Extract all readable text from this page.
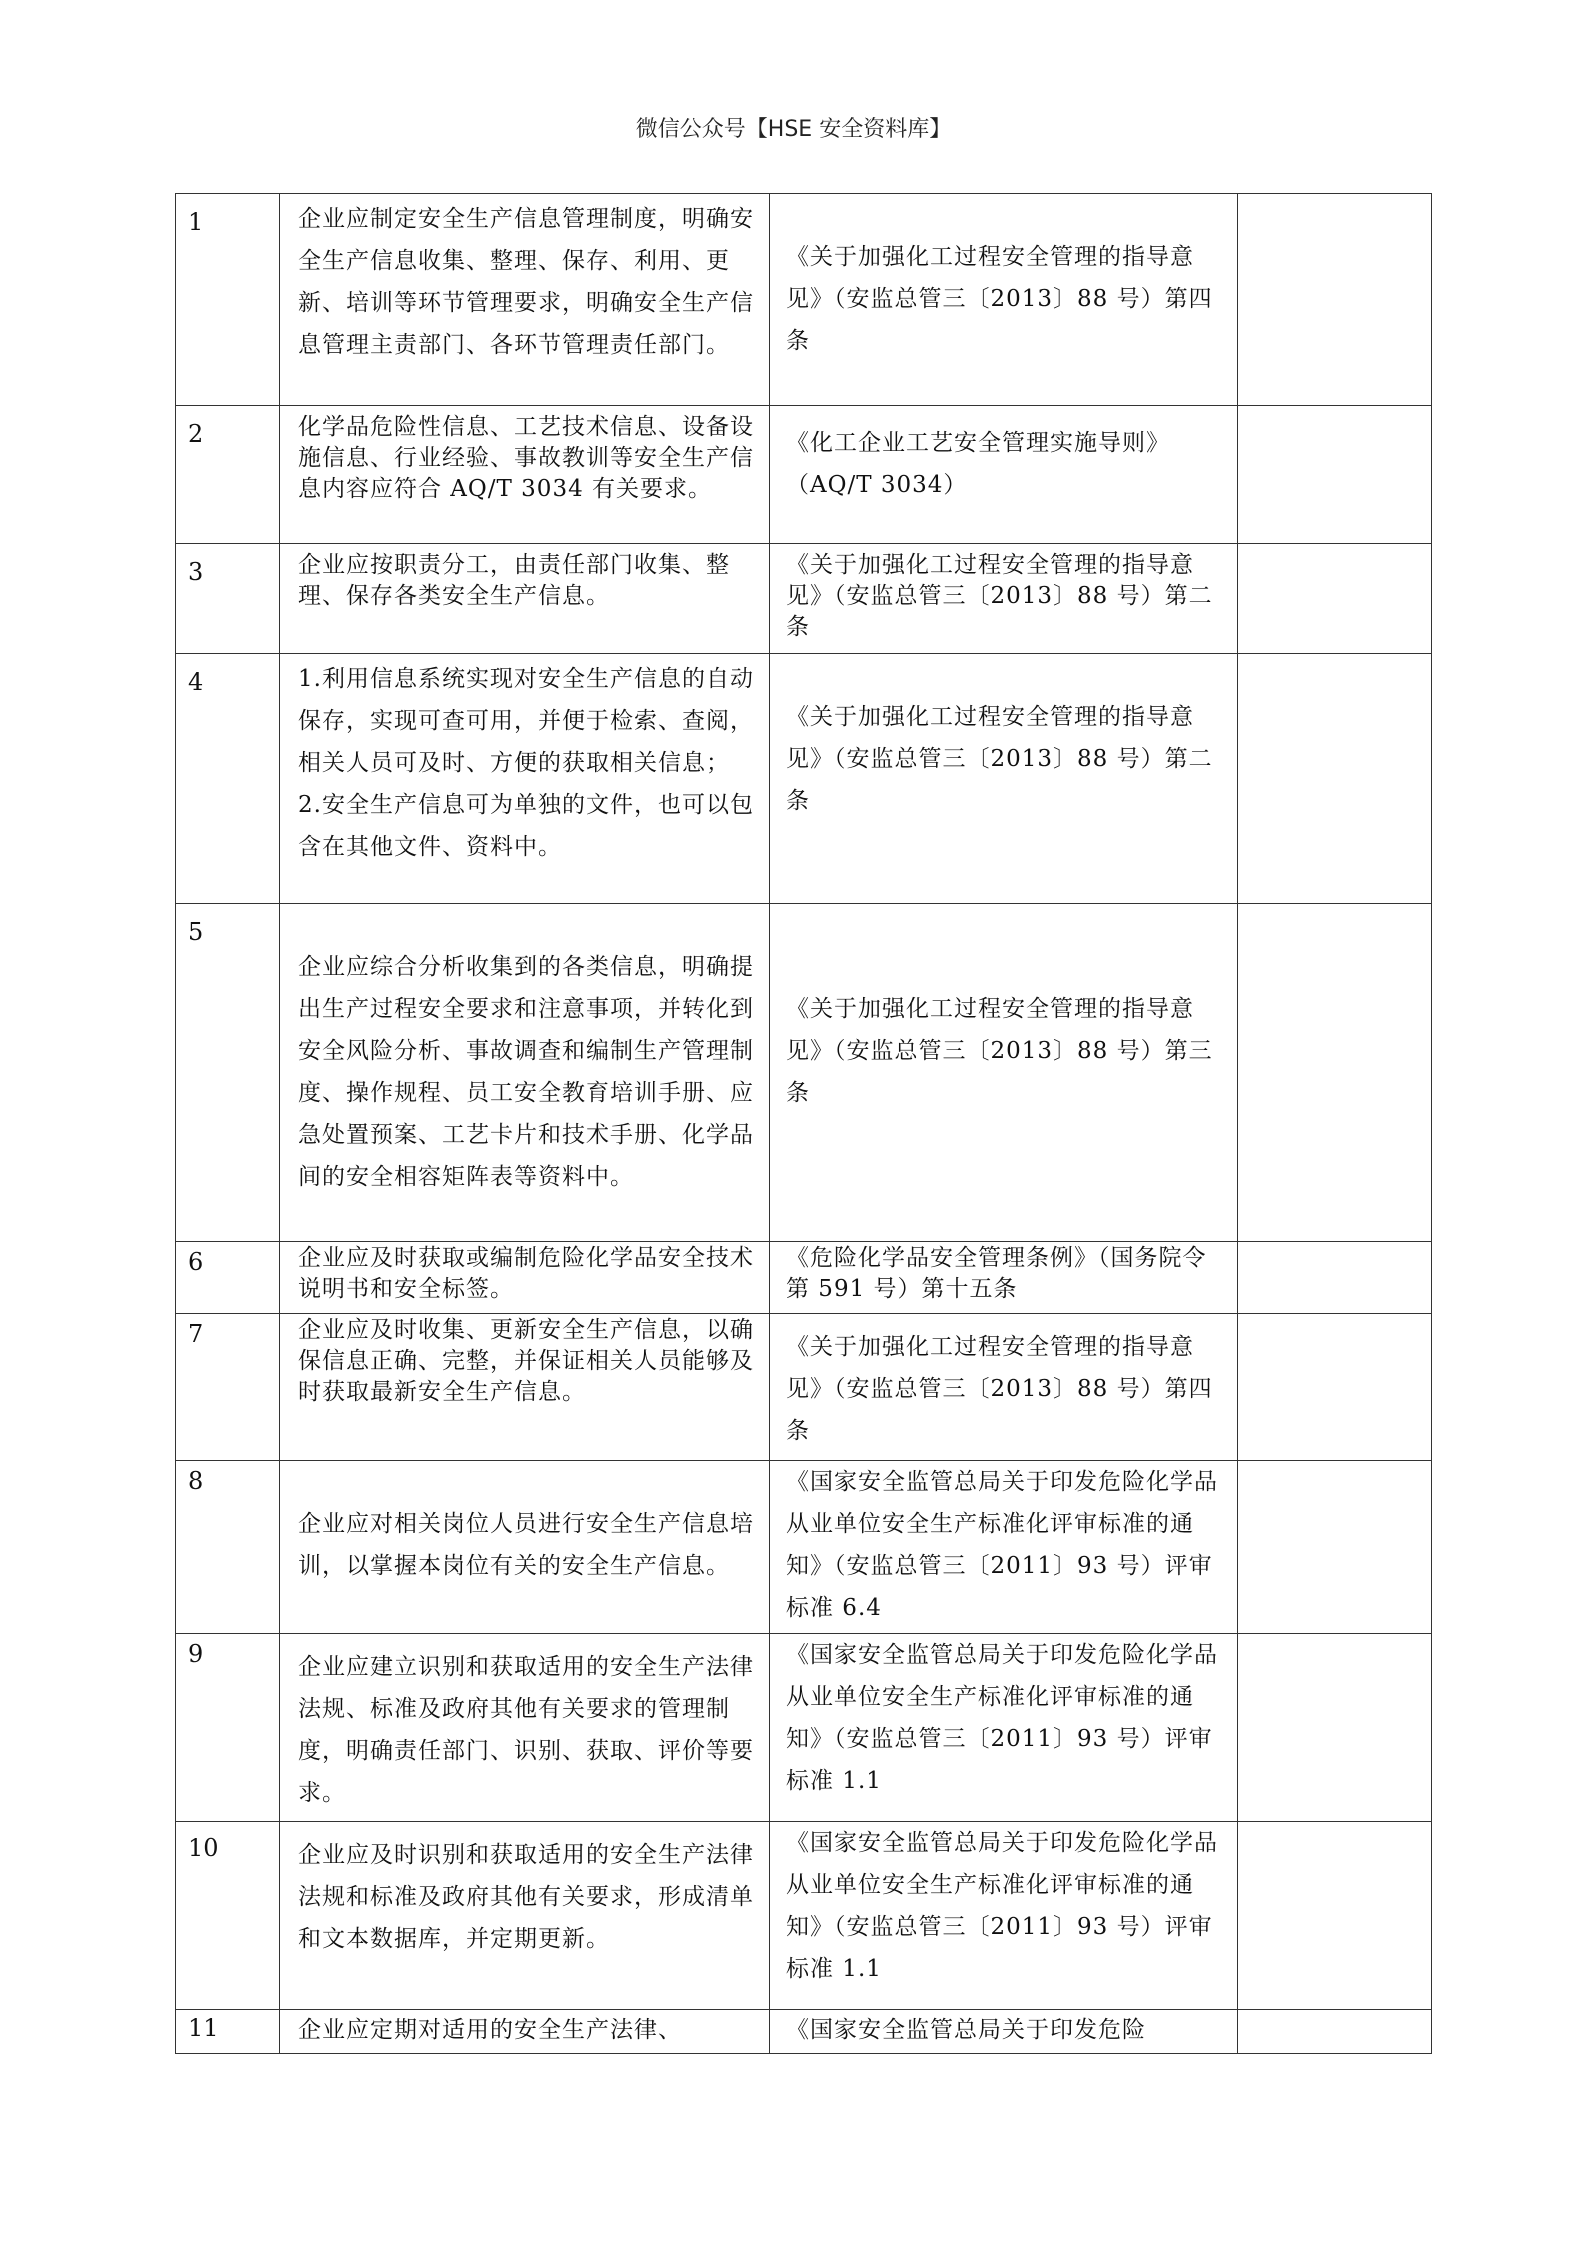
微信公众号【HSE 安全资料库】
1	企业应制定安全生产信息管理制度，明确安全生产信息收集、整理、保存、利用、更新、培训等环节管理要求，明确安全生产信息管理主责部门、各环节管理责任部门。	《关于加强化工过程安全管理的指导意见》（安监总管三〔2013〕88 号）第四条	

2	化学品危险性信息、工艺技术信息、设备设施信息、行业经验、事故教训等安全生产信息内容应符合 AQ/T 3034 有关要求。	《化工企业工艺安全管理实施导则》（AQ/T 3034）	

3	企业应按职责分工，由责任部门收集、整理、保存各类安全生产信息。	《关于加强化工过程安全管理的指导意见》（安监总管三〔2013〕88 号）第二条	

4	1.利用信息系统实现对安全生产信息的自动保存，实现可查可用，并便于检索、查阅，相关人员可及时、方便的获取相关信息；
2.安全生产信息可为单独的文件，也可以包含在其他文件、资料中。	《关于加强化工过程安全管理的指导意见》（安监总管三〔2013〕88 号）第二条	

5	企业应综合分析收集到的各类信息，明确提出生产过程安全要求和注意事项，并转化到安全风险分析、事故调查和编制生产管理制度、操作规程、员工安全教育培训手册、应急处置预案、工艺卡片和技术手册、化学品间的安全相容矩阵表等资料中。	《关于加强化工过程安全管理的指导意见》（安监总管三〔2013〕88 号）第三条	

6	企业应及时获取或编制危险化学品安全技术说明书和安全标签。	《危险化学品安全管理条例》（国务院令第 591 号）第十五条	

7	企业应及时收集、更新安全生产信息，以确保信息正确、完整，并保证相关人员能够及时获取最新安全生产信息。	《关于加强化工过程安全管理的指导意见》（安监总管三〔2013〕88 号）第四条	

8	企业应对相关岗位人员进行安全生产信息培训，以掌握本岗位有关的安全生产信息。	《国家安全监管总局关于印发危险化学品从业单位安全生产标准化评审标准的通知》（安监总管三〔2011〕93 号）评审标准 6.4	

9	企业应建立识别和获取适用的安全生产法律法规、标准及政府其他有关要求的管理制度，明确责任部门、识别、获取、评价等要求。	《国家安全监管总局关于印发危险化学品从业单位安全生产标准化评审标准的通知》（安监总管三〔2011〕93 号）评审标准 1.1	

10	企业应及时识别和获取适用的安全生产法律法规和标准及政府其他有关要求，形成清单和文本数据库，并定期更新。	《国家安全监管总局关于印发危险化学品从业单位安全生产标准化评审标准的通知》（安监总管三〔2011〕93 号）评审标准 1.1	

11	企业应定期对适用的安全生产法律、	《国家安全监管总局关于印发危险	
